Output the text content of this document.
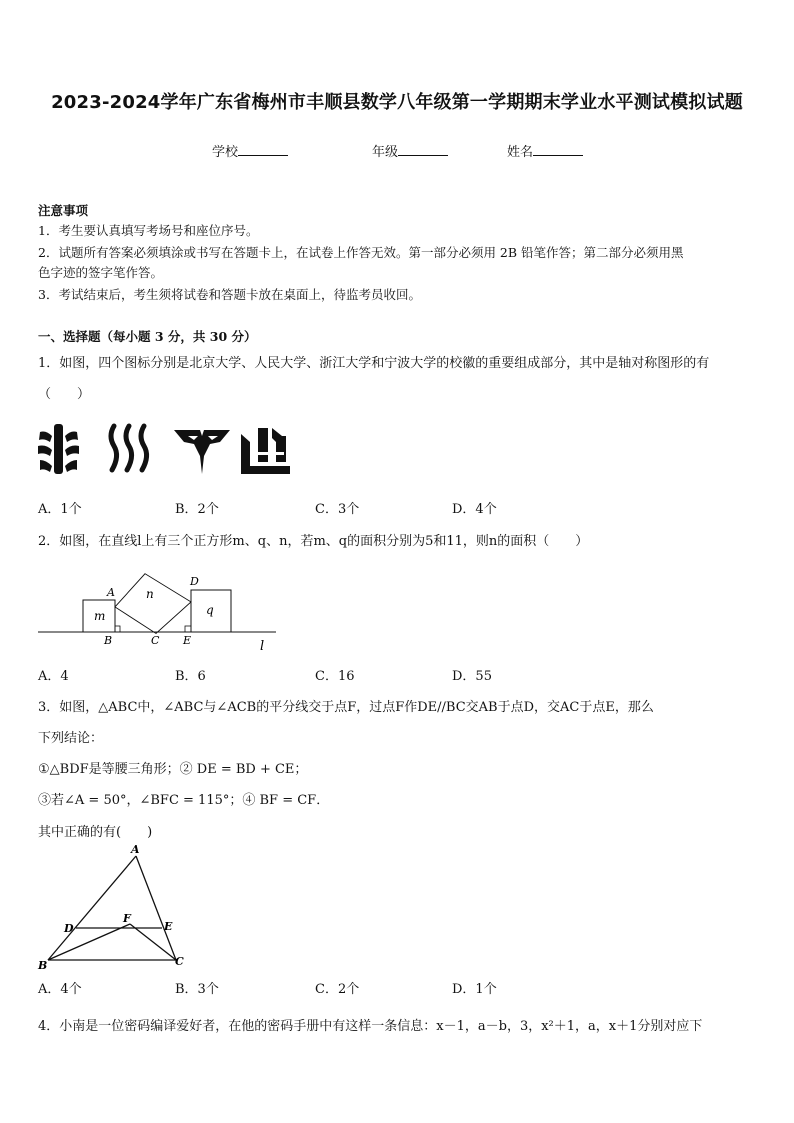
2023-2024学年广东省梅州市丰顺县数学八年级第一学期期末学业水平测试模拟试题
学校	年级	姓名
注意事项
1．考生要认真填写考场号和座位序号。
2．试题所有答案必须填涂或书写在答题卡上，在试卷上作答无效。第一部分必须用 2B 铅笔作答；第二部分必须用黑
色字迹的签字笔作答。
3．考试结束后，考生须将试卷和答题卡放在桌面上，待监考员收回。
一、选择题（每小题 3 分，共 30 分）
1．如图，四个图标分别是北京大学、人民大学、浙江大学和宁波大学的校徽的重要组成部分，其中是轴对称图形的有
（　　）
A．1个	B．2个	C．3个	D．4个
2．如图，在直线l上有三个正方形m、q、n，若m、q的面积分别为5和11，则n的面积（　　）
A
B	C
D
E
m
n
q
l
A．4	B．6	C．16	D．55
3．如图，△ABC中，∠ABC与∠ACB的平分线交于点F，过点F作DE//BC交AB于点D，交AC于点E，那么
下列结论：
①△BDF是等腰三角形；② DE = BD + CE；
③若∠A = 50°，∠BFC = 115°；④ BF = CF．
其中正确的有(　　)
A
B	C
D	E
F
A．4个	B．3个	C．2个	D．1个
4．小南是一位密码编译爱好者，在他的密码手册中有这样一条信息：x－1，a－b，3，x²＋1，a，x＋1分别对应下
